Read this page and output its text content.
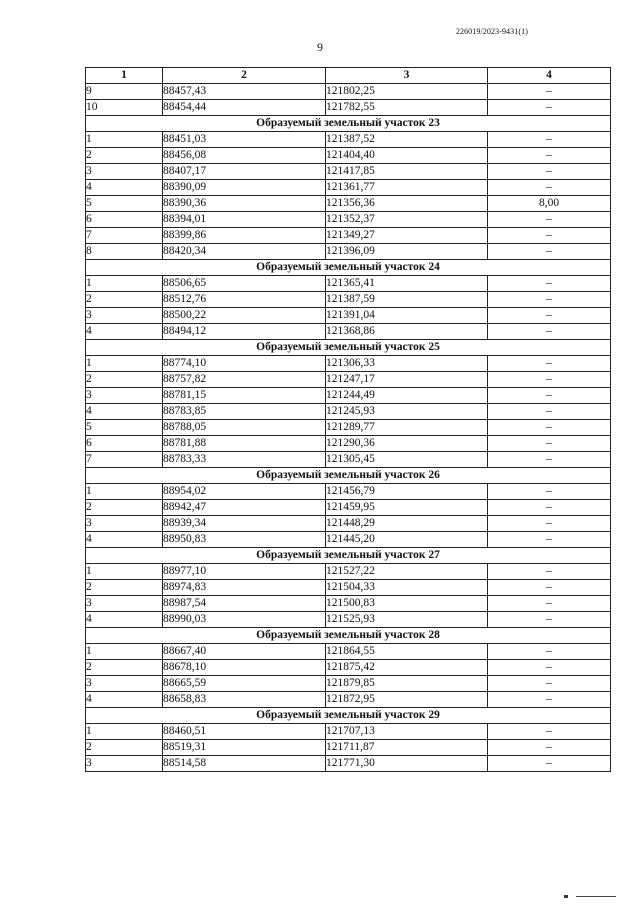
226019/2023-9431(1)
9
1	2	3	4
9	88457,43	121802,25	–
10	88454,44	121782,55	–
Образуемый земельный участок 23			
1	88451,03	121387,52	–
2	88456,08	121404,40	–
3	88407,17	121417,85	–
4	88390,09	121361,77	–
5	88390,36	121356,36	8,00
6	88394,01	121352,37	–
7	88399,86	121349,27	–
8	88420,34	121396,09	–
Образуемый земельный участок 24			
1	88506,65	121365,41	–
2	88512,76	121387,59	–
3	88500,22	121391,04	–
4	88494,12	121368,86	–
Образуемый земельный участок 25			
1	88774,10	121306,33	–
2	88757,82	121247,17	–
3	88781,15	121244,49	–
4	88783,85	121245,93	–
5	88788,05	121289,77	–
6	88781,88	121290,36	–
7	88783,33	121305,45	–
Образуемый земельный участок 26			
1	88954,02	121456,79	–
2	88942,47	121459,95	–
3	88939,34	121448,29	–
4	88950,83	121445,20	–
Образуемый земельный участок 27			
1	88977,10	121527,22	–
2	88974,83	121504,33	–
3	88987,54	121500,83	–
4	88990,03	121525,93	–
Образуемый земельный участок 28			
1	88667,40	121864,55	–
2	88678,10	121875,42	–
3	88665,59	121879,85	–
4	88658,83	121872,95	–
Образуемый земельный участок 29			
1	88460,51	121707,13	–
2	88519,31	121711,87	–
3	88514,58	121771,30	–
